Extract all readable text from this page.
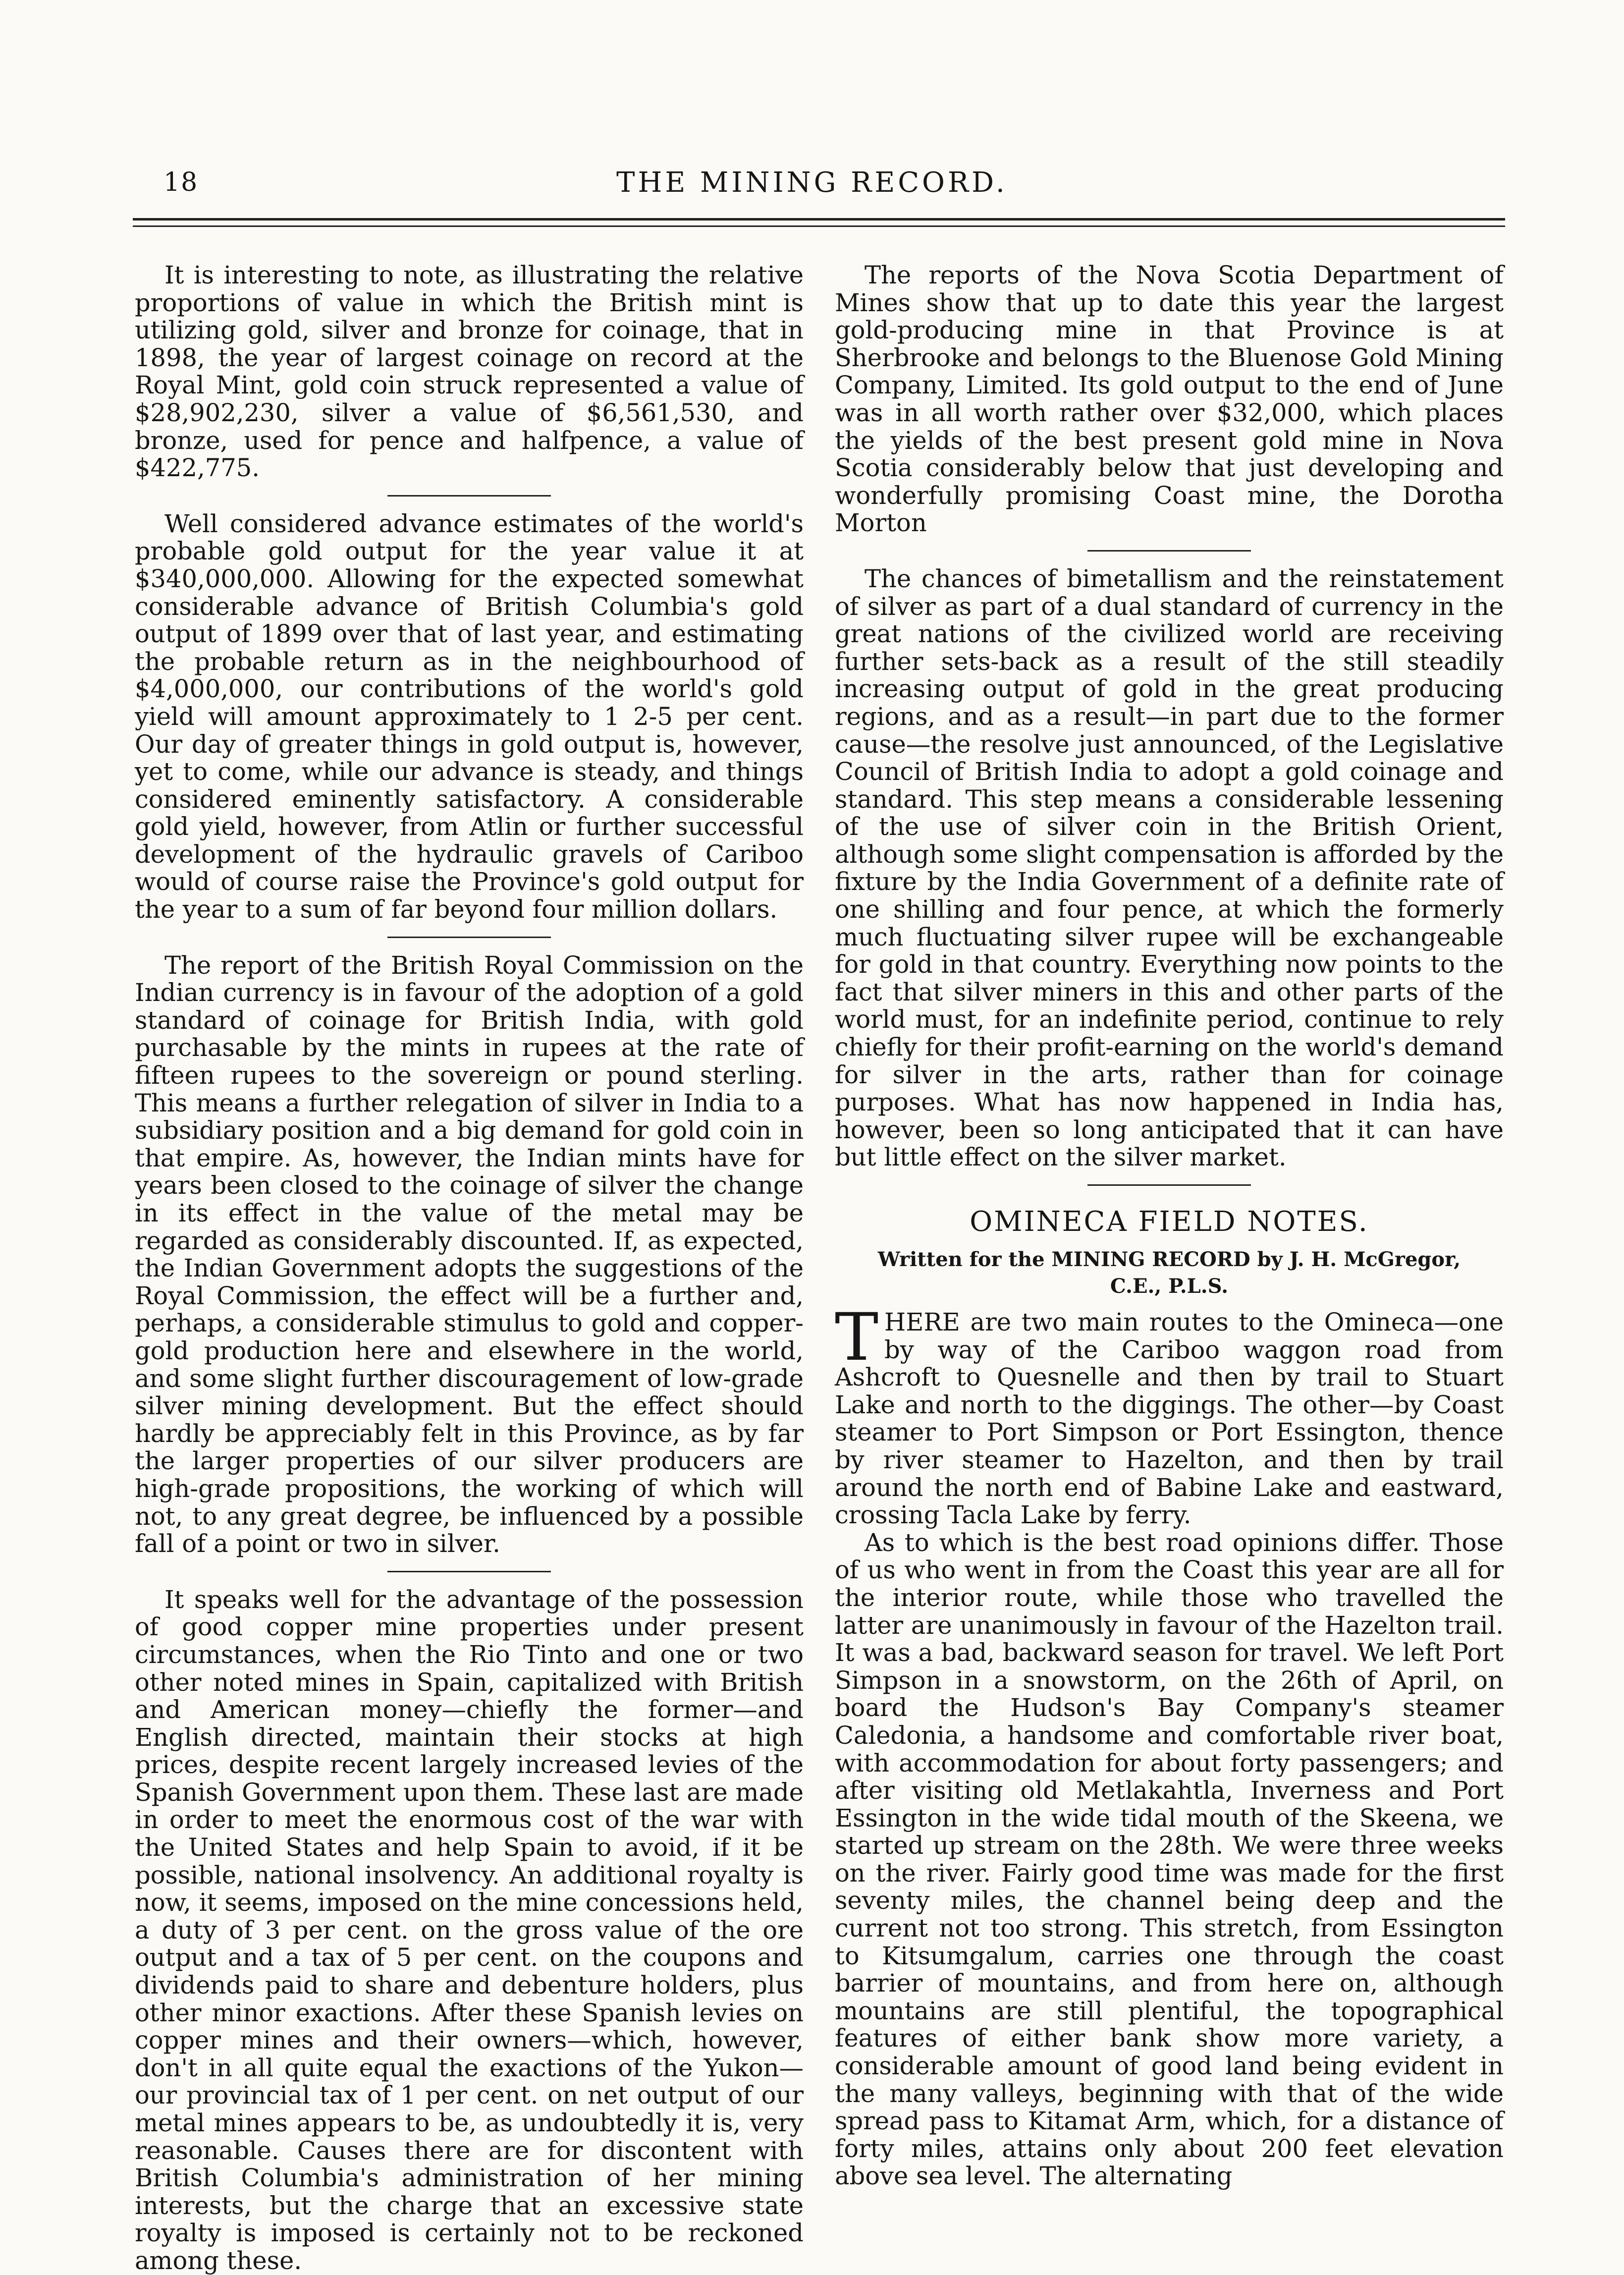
18	THE MINING RECORD.

It is interesting to note, as illustrating the relative proportions of value in which the British mint is utilizing gold, silver and bronze for coinage, that in 1898, the year of largest coinage on record at the Royal Mint, gold coin struck represented a value of $28,902,230, silver a value of $6,561,530, and bronze, used for pence and halfpence, a value of $422,775.

Well considered advance estimates of the world's probable gold output for the year value it at $340,000,000. Allowing for the expected somewhat considerable advance of British Columbia's gold output of 1899 over that of last year, and estimating the probable return as in the neighbourhood of $4,000,000, our contributions of the world's gold yield will amount approximately to 1 2-5 per cent. Our day of greater things in gold output is, however, yet to come, while our advance is steady, and things considered eminently satisfactory. A considerable gold yield, however, from Atlin or further successful development of the hydraulic gravels of Cariboo would of course raise the Province's gold output for the year to a sum of far beyond four million dollars.

The report of the British Royal Commission on the Indian currency is in favour of the adoption of a gold standard of coinage for British India, with gold purchasable by the mints in rupees at the rate of fifteen rupees to the sovereign or pound sterling. This means a further relegation of silver in India to a subsidiary position and a big demand for gold coin in that empire. As, however, the Indian mints have for years been closed to the coinage of silver the change in its effect in the value of the metal may be regarded as considerably discounted. If, as expected, the Indian Government adopts the suggestions of the Royal Commission, the effect will be a further and, perhaps, a considerable stimulus to gold and copper-gold production here and elsewhere in the world, and some slight further discouragement of low-grade silver mining development. But the effect should hardly be appreciably felt in this Province, as by far the larger properties of our silver producers are high-grade propositions, the working of which will not, to any great degree, be influenced by a possible fall of a point or two in silver.

It speaks well for the advantage of the possession of good copper mine properties under present circumstances, when the Rio Tinto and one or two other noted mines in Spain, capitalized with British and American money—chiefly the former—and English directed, maintain their stocks at high prices, despite recent largely increased levies of the Spanish Government upon them. These last are made in order to meet the enormous cost of the war with the United States and help Spain to avoid, if it be possible, national insolvency. An additional royalty is now, it seems, imposed on the mine concessions held, a duty of 3 per cent. on the gross value of the ore output and a tax of 5 per cent. on the coupons and dividends paid to share and debenture holders, plus other minor exactions. After these Spanish levies on copper mines and their owners—which, however, don't in all quite equal the exactions of the Yukon—our provincial tax of 1 per cent. on net output of our metal mines appears to be, as undoubtedly it is, very reasonable. Causes there are for discontent with British Columbia's administration of her mining interests, but the charge that an excessive state royalty is imposed is certainly not to be reckoned among these.

The reports of the Nova Scotia Department of Mines show that up to date this year the largest gold-producing mine in that Province is at Sherbrooke and belongs to the Bluenose Gold Mining Company, Limited. Its gold output to the end of June was in all worth rather over $32,000, which places the yields of the best present gold mine in Nova Scotia considerably below that just developing and wonderfully promising Coast mine, the Dorotha Morton

The chances of bimetallism and the reinstatement of silver as part of a dual standard of currency in the great nations of the civilized world are receiving further sets-back as a result of the still steadily increasing output of gold in the great producing regions, and as a result—in part due to the former cause—the resolve just announced, of the Legislative Council of British India to adopt a gold coinage and standard. This step means a considerable lessening of the use of silver coin in the British Orient, although some slight compensation is afforded by the fixture by the India Government of a definite rate of one shilling and four pence, at which the formerly much fluctuating silver rupee will be exchangeable for gold in that country. Everything now points to the fact that silver miners in this and other parts of the world must, for an indefinite period, continue to rely chiefly for their profit-earning on the world's demand for silver in the arts, rather than for coinage purposes. What has now happened in India has, however, been so long anticipated that it can have but little effect on the silver market.

OMINECA FIELD NOTES.
Written for the MINING RECORD by J. H. McGregor,
C.E., P.L.S.

THERE are two main routes to the Omineca—one by way of the Cariboo waggon road from Ashcroft to Quesnelle and then by trail to Stuart Lake and north to the diggings. The other—by Coast steamer to Port Simpson or Port Essington, thence by river steamer to Hazelton, and then by trail around the north end of Babine Lake and eastward, crossing Tacla Lake by ferry.

As to which is the best road opinions differ. Those of us who went in from the Coast this year are all for the interior route, while those who travelled the latter are unanimously in favour of the Hazelton trail. It was a bad, backward season for travel. We left Port Simpson in a snowstorm, on the 26th of April, on board the Hudson's Bay Company's steamer Caledonia, a handsome and comfortable river boat, with accommodation for about forty passengers; and after visiting old Metlakahtla, Inverness and Port Essington in the wide tidal mouth of the Skeena, we started up stream on the 28th. We were three weeks on the river. Fairly good time was made for the first seventy miles, the channel being deep and the current not too strong. This stretch, from Essington to Kitsumgalum, carries one through the coast barrier of mountains, and from here on, although mountains are still plentiful, the topographical features of either bank show more variety, a considerable amount of good land being evident in the many valleys, beginning with that of the wide spread pass to Kitamat Arm, which, for a distance of forty miles, attains only about 200 feet elevation above sea level. The alternating
